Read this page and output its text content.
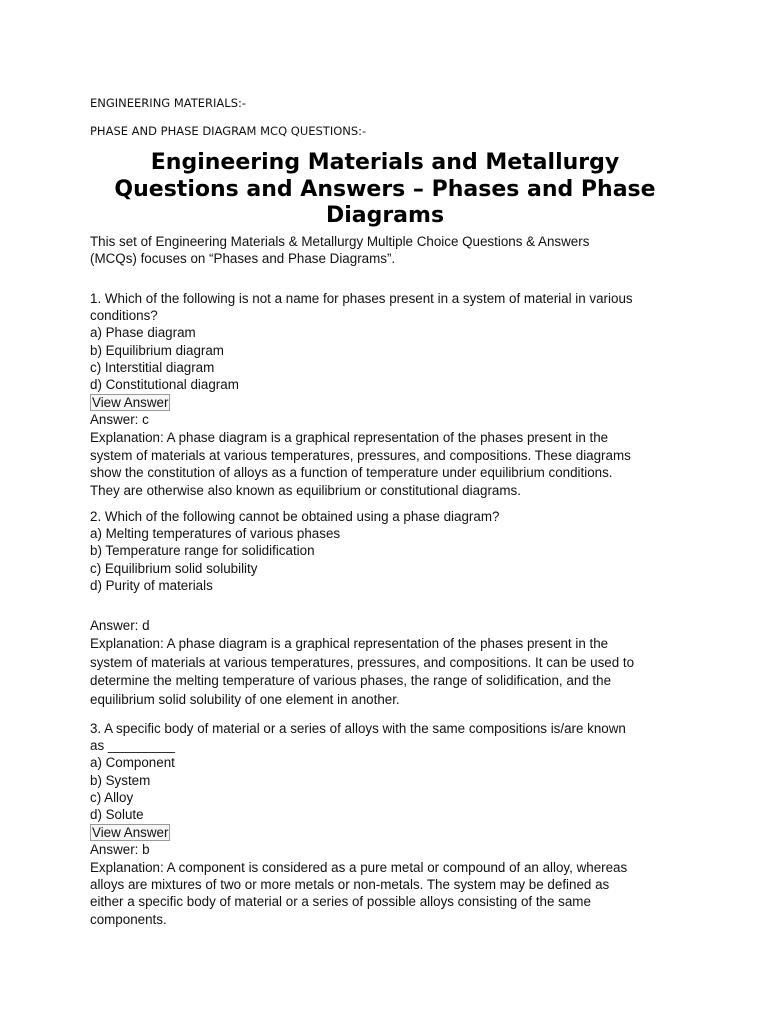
ENGINEERING MATERIALS:-
PHASE AND PHASE DIAGRAM MCQ QUESTIONS:-
Engineering Materials and Metallurgy
Questions and Answers – Phases and Phase
Diagrams
This set of Engineering Materials & Metallurgy Multiple Choice Questions & Answers
(MCQs) focuses on “Phases and Phase Diagrams”.
1. Which of the following is not a name for phases present in a system of material in various
conditions?
a) Phase diagram
b) Equilibrium diagram
c) Interstitial diagram
d) Constitutional diagram
View Answer
Answer: c
Explanation: A phase diagram is a graphical representation of the phases present in the
system of materials at various temperatures, pressures, and compositions. These diagrams
show the constitution of alloys as a function of temperature under equilibrium conditions.
They are otherwise also known as equilibrium or constitutional diagrams.
2. Which of the following cannot be obtained using a phase diagram?
a) Melting temperatures of various phases
b) Temperature range for solidification
c) Equilibrium solid solubility
d) Purity of materials
Answer: d
Explanation: A phase diagram is a graphical representation of the phases present in the
system of materials at various temperatures, pressures, and compositions. It can be used to
determine the melting temperature of various phases, the range of solidification, and the
equilibrium solid solubility of one element in another.
3. A specific body of material or a series of alloys with the same compositions is/are known
as _________
a) Component
b) System
c) Alloy
d) Solute
View Answer
Answer: b
Explanation: A component is considered as a pure metal or compound of an alloy, whereas
alloys are mixtures of two or more metals or non-metals. The system may be defined as
either a specific body of material or a series of possible alloys consisting of the same
components.
